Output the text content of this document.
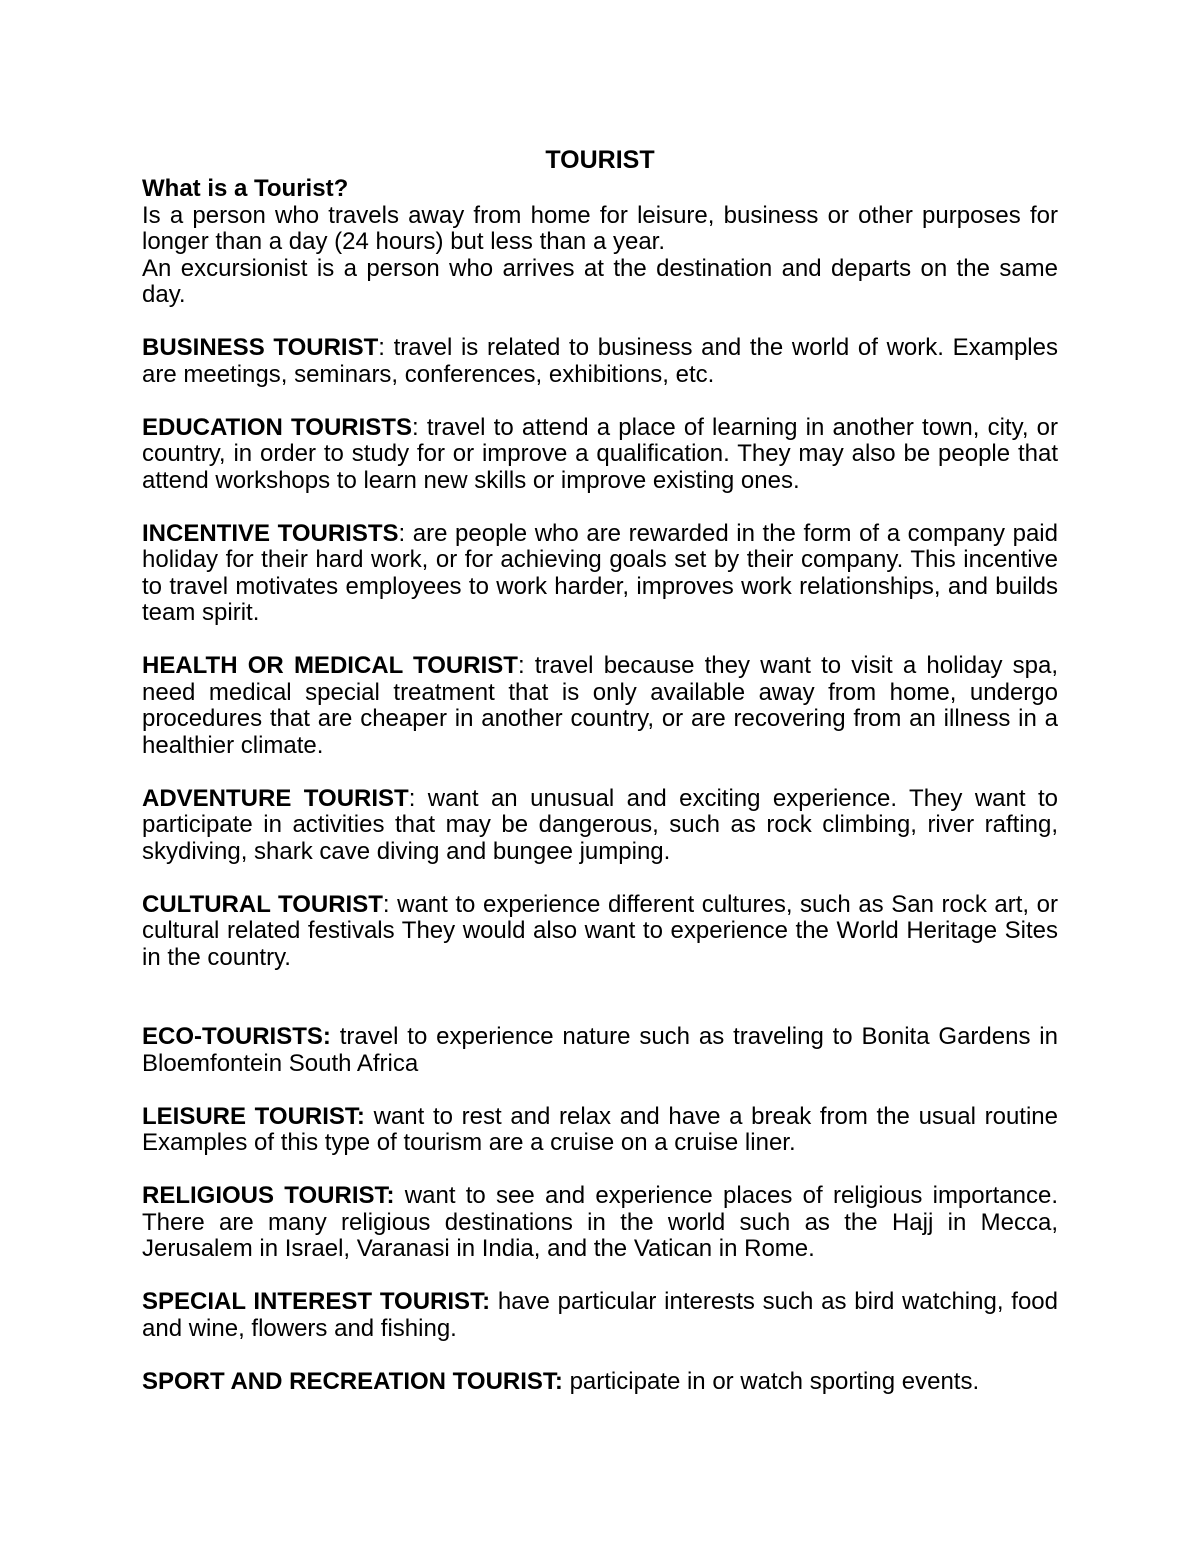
TOURIST
What is a Tourist?
Is a person who travels away from home for leisure, business or other purposes for longer than a day (24 hours) but less than a year.
An excursionist is a person who arrives at the destination and departs on the same day.
BUSINESS TOURIST: travel is related to business and the world of work. Examples are meetings, seminars, conferences, exhibitions, etc.
EDUCATION TOURISTS: travel to attend a place of learning in another town, city, or country, in order to study for or improve a qualification. They may also be people that attend workshops to learn new skills or improve existing ones.
INCENTIVE TOURISTS: are people who are rewarded in the form of a company paid holiday for their hard work, or for achieving goals set by their company. This incentive to travel motivates employees to work harder, improves work relationships, and builds team spirit.
HEALTH OR MEDICAL TOURIST: travel because they want to visit a holiday spa, need medical special treatment that is only available away from home, undergo procedures that are cheaper in another country, or are recovering from an illness in a healthier climate.
ADVENTURE TOURIST: want an unusual and exciting experience. They want to participate in activities that may be dangerous, such as rock climbing, river rafting, skydiving, shark cave diving and bungee jumping.
CULTURAL TOURIST: want to experience different cultures, such as San rock art, or cultural related festivals They would also want to experience the World Heritage Sites in the country.
ECO-TOURISTS: travel to experience nature such as traveling to Bonita Gardens in Bloemfontein South Africa
LEISURE TOURIST: want to rest and relax and have a break from the usual routine Examples of this type of tourism are a cruise on a cruise liner.
RELIGIOUS TOURIST: want to see and experience places of religious importance. There are many religious destinations in the world such as the Hajj in Mecca, Jerusalem in Israel, Varanasi in India, and the Vatican in Rome.
SPECIAL INTEREST TOURIST: have particular interests such as bird watching, food and wine, flowers and fishing.
SPORT AND RECREATION TOURIST: participate in or watch sporting events.
